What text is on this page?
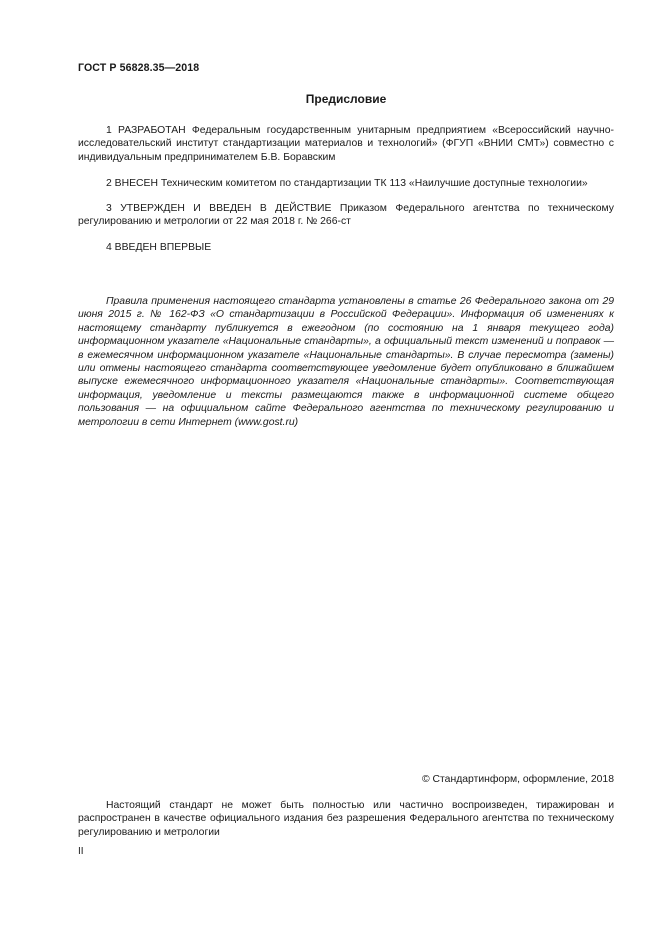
ГОСТ Р 56828.35—2018
Предисловие

1 РАЗРАБОТАН Федеральным государственным унитарным предприятием «Всероссийский научно-исследовательский институт стандартизации материалов и технологий» (ФГУП «ВНИИ СМТ») совместно с индивидуальным предпринимателем Б.В. Боравским

2 ВНЕСЕН Техническим комитетом по стандартизации ТК 113 «Наилучшие доступные технологии»

3 УТВЕРЖДЕН И ВВЕДЕН В ДЕЙСТВИЕ Приказом Федерального агентства по техническому регулированию и метрологии от 22 мая 2018 г. № 266-ст

4 ВВЕДЕН ВПЕРВЫЕ

Правила применения настоящего стандарта установлены в статье 26 Федерального закона от 29 июня 2015 г. № 162-ФЗ «О стандартизации в Российской Федерации». Информация об изменениях к настоящему стандарту публикуется в ежегодном (по состоянию на 1 января текущего года) информационном указателе «Национальные стандарты», а официальный текст изменений и поправок — в ежемесячном информационном указателе «Национальные стандарты». В случае пересмотра (замены) или отмены настоящего стандарта соответствующее уведомление будет опубликовано в ближайшем выпуске ежемесячного информационного указателя «Национальные стандарты». Соответствующая информация, уведомление и тексты размещаются также в информационной системе общего пользования — на официальном сайте Федерального агентства по техническому регулированию и метрологии в сети Интернет (www.gost.ru)

© Стандартинформ, оформление, 2018

Настоящий стандарт не может быть полностью или частично воспроизведен, тиражирован и распространен в качестве официального издания без разрешения Федерального агентства по техническому регулированию и метрологии

II
